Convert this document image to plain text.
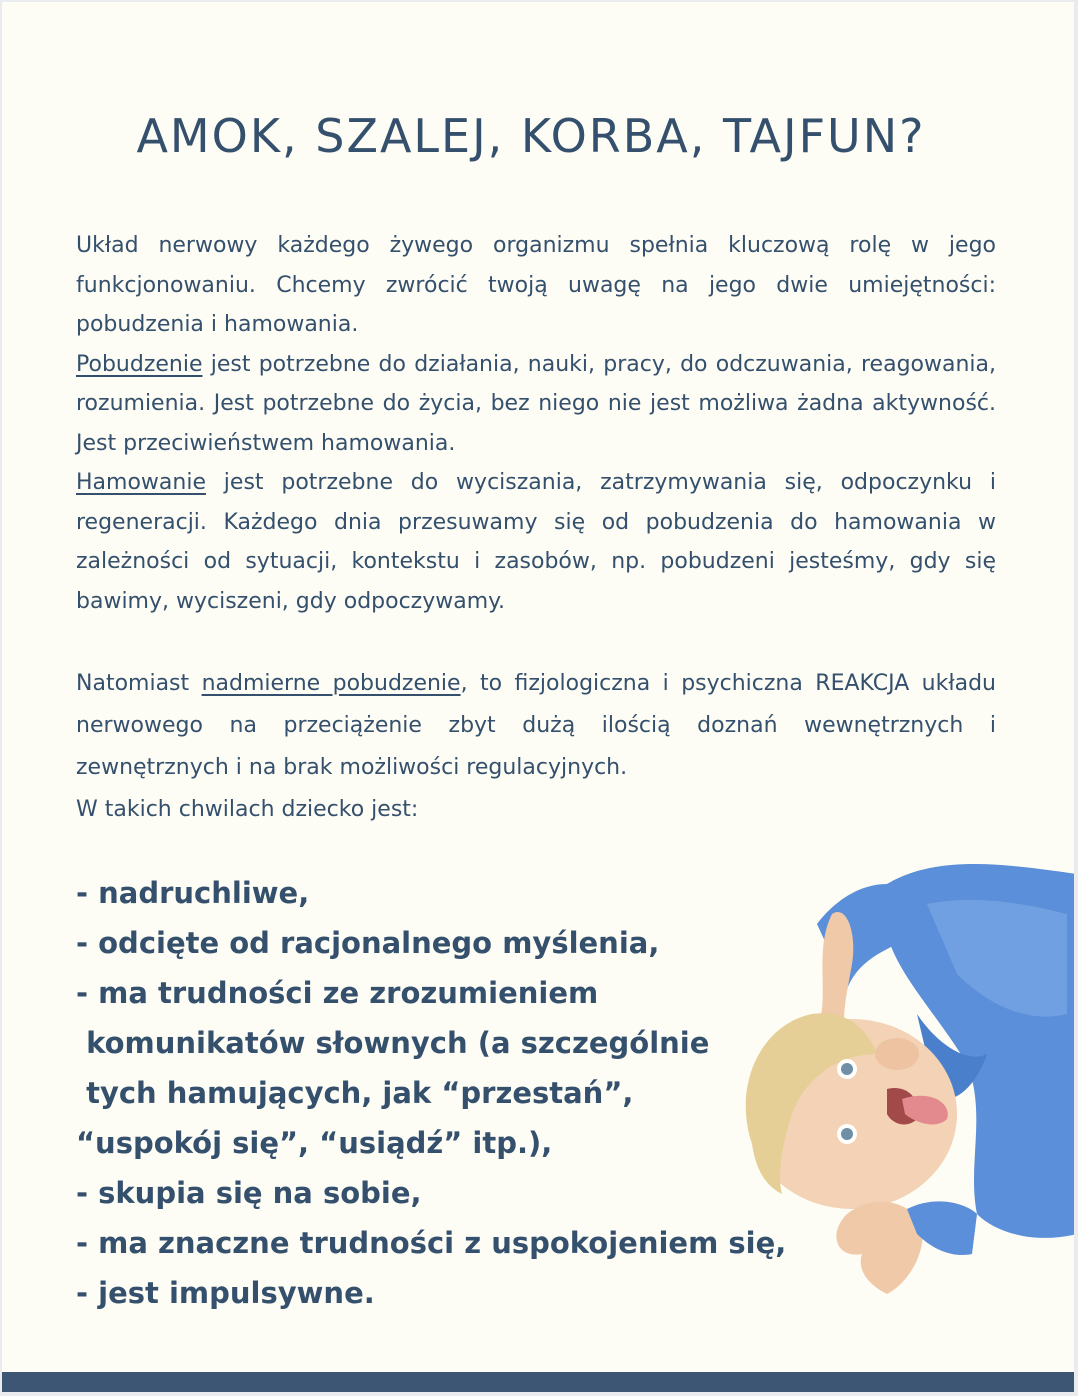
AMOK, SZALEJ, KORBA, TAJFUN?

Układ nerwowy każdego żywego organizmu spełnia kluczową rolę w jego funkcjonowaniu. Chcemy zwrócić twoją uwagę na jego dwie umiejętności: pobudzenia i hamowania.
Pobudzenie jest potrzebne do działania, nauki, pracy, do odczuwania, reagowania, rozumienia. Jest potrzebne do życia, bez niego nie jest możliwa żadna aktywność. Jest przeciwieństwem hamowania.
Hamowanie jest potrzebne do wyciszania, zatrzymywania się, odpoczynku i regeneracji. Każdego dnia przesuwamy się od pobudzenia do hamowania w zależności od sytuacji, kontekstu i zasobów, np. pobudzeni jesteśmy, gdy się bawimy, wyciszeni, gdy odpoczywamy.

Natomiast nadmierne pobudzenie, to fizjologiczna i psychiczna REAKCJA układu nerwowego na przeciążenie zbyt dużą ilością doznań wewnętrznych i zewnętrznych i na brak możliwości regulacyjnych.
W takich chwilach dziecko jest:

- nadruchliwe,
- odcięte od racjonalnego myślenia,
- ma trudności ze zrozumieniem
komunikatów słownych (a szczególnie
tych hamujących, jak “przestań”,
“uspokój się”, “usiądź” itp.),
- skupia się na sobie,
- ma znaczne trudności z uspokojeniem się,
- jest impulsywne.
